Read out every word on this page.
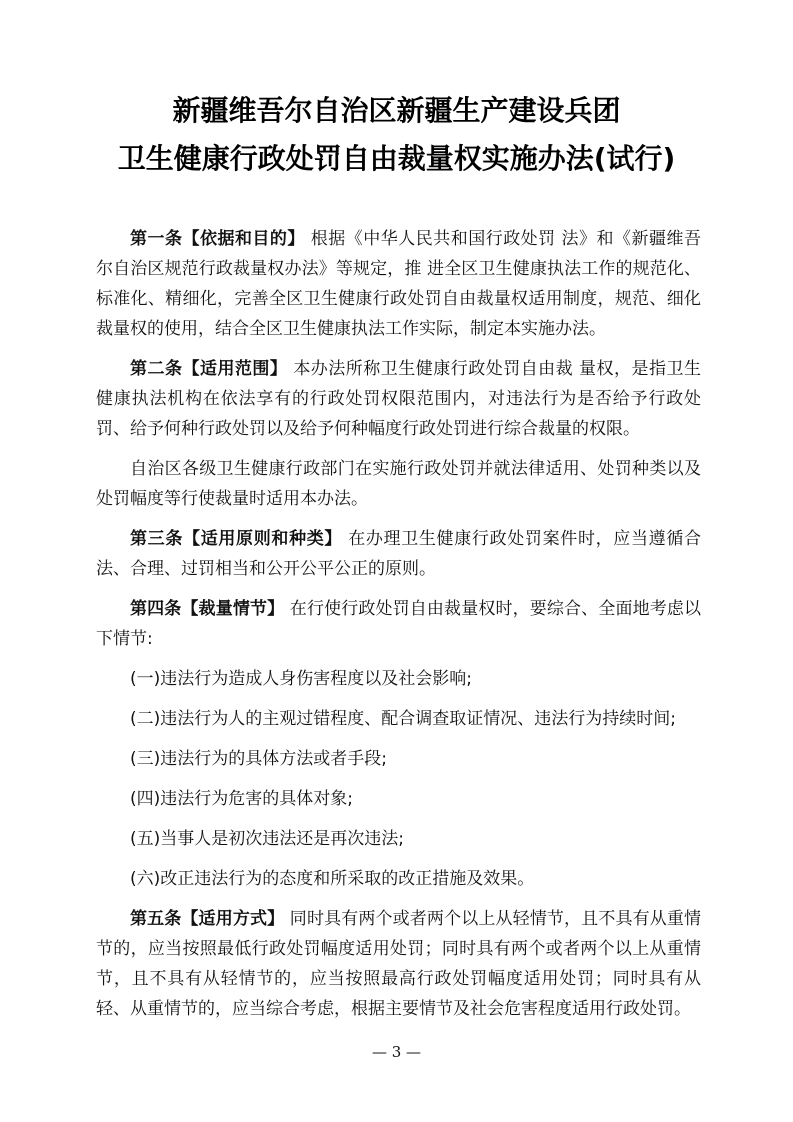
新疆维吾尔自治区新疆生产建设兵团
卫生健康行政处罚自由裁量权实施办法(试行)

第一条【依据和目的】 根据《中华人民共和国行政处罚 法》和《新疆维吾尔自治区规范行政裁量权办法》等规定，推 进全区卫生健康执法工作的规范化、标准化、精细化，完善全区卫生健康行政处罚自由裁量权适用制度，规范、细化裁量权的使用，结合全区卫生健康执法工作实际，制定本实施办法。

第二条【适用范围】 本办法所称卫生健康行政处罚自由裁 量权，是指卫生健康执法机构在依法享有的行政处罚权限范围内，对违法行为是否给予行政处罚、给予何种行政处罚以及给予何种幅度行政处罚进行综合裁量的权限。

自治区各级卫生健康行政部门在实施行政处罚并就法律适用、处罚种类以及处罚幅度等行使裁量时适用本办法。

第三条【适用原则和种类】 在办理卫生健康行政处罚案件时，应当遵循合法、合理、过罚相当和公开公平公正的原则。

第四条【裁量情节】 在行使行政处罚自由裁量权时，要综合、全面地考虑以下情节:

(一)违法行为造成人身伤害程度以及社会影响;

(二)违法行为人的主观过错程度、配合调查取证情况、违法行为持续时间;

(三)违法行为的具体方法或者手段;

(四)违法行为危害的具体对象;

(五)当事人是初次违法还是再次违法;

(六)改正违法行为的态度和所采取的改正措施及效果。

第五条【适用方式】 同时具有两个或者两个以上从轻情节，且不具有从重情节的，应当按照最低行政处罚幅度适用处罚；同时具有两个或者两个以上从重情节，且不具有从轻情节的，应当按照最高行政处罚幅度适用处罚；同时具有从轻、从重情节的，应当综合考虑，根据主要情节及社会危害程度适用行政处罚。

— 3 —
